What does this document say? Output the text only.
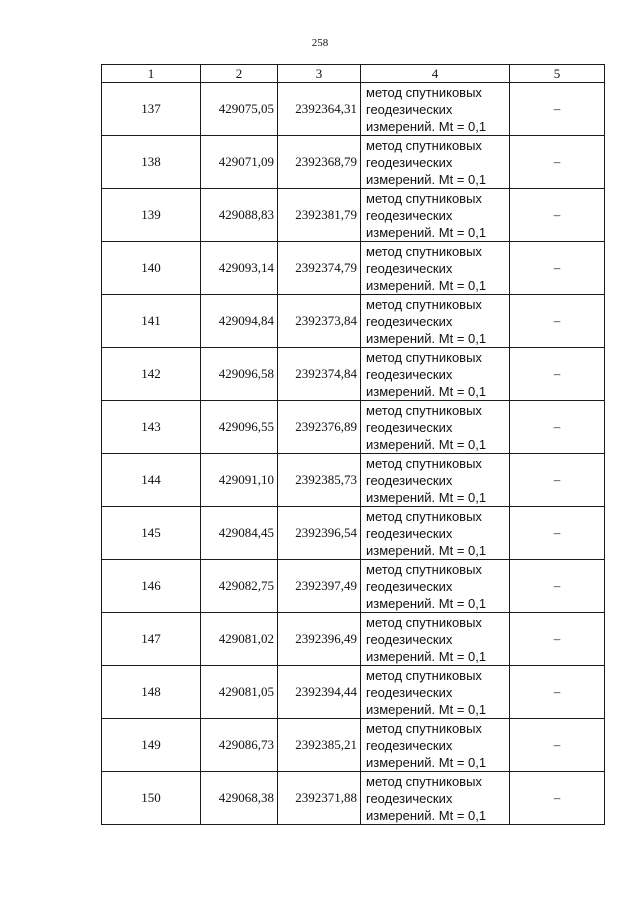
258
1	2	3	4	5
137	429075,05	2392364,31	метод спутниковых
геодезических
измерений. Mt = 0,1	–
138	429071,09	2392368,79	метод спутниковых
геодезических
измерений. Mt = 0,1	–
139	429088,83	2392381,79	метод спутниковых
геодезических
измерений. Mt = 0,1	–
140	429093,14	2392374,79	метод спутниковых
геодезических
измерений. Mt = 0,1	–
141	429094,84	2392373,84	метод спутниковых
геодезических
измерений. Mt = 0,1	–
142	429096,58	2392374,84	метод спутниковых
геодезических
измерений. Mt = 0,1	–
143	429096,55	2392376,89	метод спутниковых
геодезических
измерений. Mt = 0,1	–
144	429091,10	2392385,73	метод спутниковых
геодезических
измерений. Mt = 0,1	–
145	429084,45	2392396,54	метод спутниковых
геодезических
измерений. Mt = 0,1	–
146	429082,75	2392397,49	метод спутниковых
геодезических
измерений. Mt = 0,1	–
147	429081,02	2392396,49	метод спутниковых
геодезических
измерений. Mt = 0,1	–
148	429081,05	2392394,44	метод спутниковых
геодезических
измерений. Mt = 0,1	–
149	429086,73	2392385,21	метод спутниковых
геодезических
измерений. Mt = 0,1	–
150	429068,38	2392371,88	метод спутниковых
геодезических
измерений. Mt = 0,1	–
